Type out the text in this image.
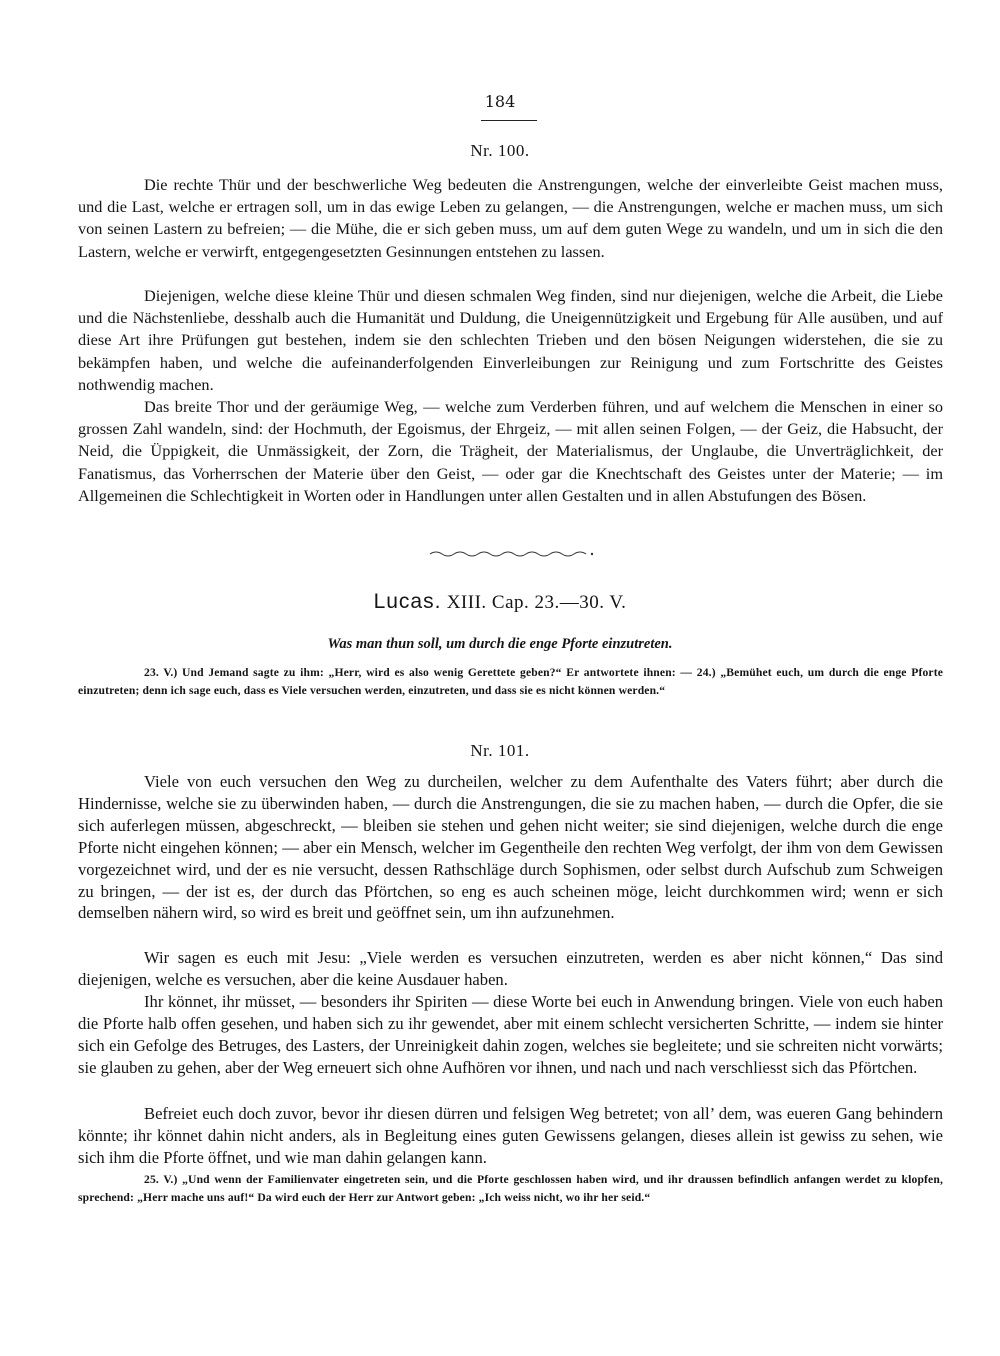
184
Nr. 100.

Die rechte Thür und der beschwerliche Weg bedeuten die Anstrengungen, welche der einverleibte Geist machen muss, und die Last, welche er ertragen soll, um in das ewige Leben zu gelangen, — die Anstrengungen, welche er machen muss, um sich von seinen Lastern zu befreien; — die Mühe, die er sich geben muss, um auf dem guten Wege zu wandeln, und um in sich die den Lastern, welche er verwirft, entgegengesetzten Gesinnungen entstehen zu lassen.

Diejenigen, welche diese kleine Thür und diesen schmalen Weg finden, sind nur diejenigen, welche die Arbeit, die Liebe und die Nächstenliebe, desshalb auch die Humanität und Duldung, die Uneigennützigkeit und Ergebung für Alle ausüben, und auf diese Art ihre Prüfungen gut bestehen, indem sie den schlechten Trieben und den bösen Neigungen widerstehen, die sie zu bekämpfen haben, und welche die aufeinanderfolgenden Einverleibungen zur Reinigung und zum Fortschritte des Geistes nothwendig machen.

Das breite Thor und der geräumige Weg, — welche zum Verderben führen, und auf welchem die Menschen in einer so grossen Zahl wandeln, sind: der Hochmuth, der Egoismus, der Ehrgeiz, — mit allen seinen Folgen, — der Geiz, die Habsucht, der Neid, die Üppigkeit, die Unmässigkeit, der Zorn, die Trägheit, der Materialismus, der Unglaube, die Unverträglichkeit, der Fanatismus, das Vorherrschen der Materie über den Geist, — oder gar die Knechtschaft des Geistes unter der Materie; — im Allgemeinen die Schlechtigkeit in Worten oder in Handlungen unter allen Gestalten und in allen Abstufungen des Bösen.

Lucas. XIII. Cap. 23.—30. V.
Was man thun soll, um durch die enge Pforte einzutreten.

23. V.) Und Jemand sagte zu ihm: „Herr, wird es also wenig Gerettete geben?“ Er antwortete ihnen: — 24.) „Bemühet euch, um durch die enge Pforte einzutreten; denn ich sage euch, dass es Viele versuchen werden, einzutreten, und dass sie es nicht können werden.“

Nr. 101.

Viele von euch versuchen den Weg zu durcheilen, welcher zu dem Aufenthalte des Vaters führt; aber durch die Hindernisse, welche sie zu überwinden haben, — durch die Anstrengungen, die sie zu machen haben, — durch die Opfer, die sie sich auferlegen müssen, abgeschreckt, — bleiben sie stehen und gehen nicht weiter; sie sind diejenigen, welche durch die enge Pforte nicht eingehen können; — aber ein Mensch, welcher im Gegentheile den rechten Weg verfolgt, der ihm von dem Gewissen vorgezeichnet wird, und der es nie versucht, dessen Rathschläge durch Sophismen, oder selbst durch Aufschub zum Schweigen zu bringen, — der ist es, der durch das Pförtchen, so eng es auch scheinen möge, leicht durchkommen wird; wenn er sich demselben nähern wird, so wird es breit und geöffnet sein, um ihn aufzunehmen.

Wir sagen es euch mit Jesu: „Viele werden es versuchen einzutreten, werden es aber nicht können,“ Das sind diejenigen, welche es versuchen, aber die keine Ausdauer haben.

Ihr könnet, ihr müsset, — besonders ihr Spiriten — diese Worte bei euch in Anwendung bringen. Viele von euch haben die Pforte halb offen gesehen, und haben sich zu ihr gewendet, aber mit einem schlecht versicherten Schritte, — indem sie hinter sich ein Gefolge des Betruges, des Lasters, der Unreinigkeit dahin zogen, welches sie begleitete; und sie schreiten nicht vorwärts; sie glauben zu gehen, aber der Weg erneuert sich ohne Aufhören vor ihnen, und nach und nach verschliesst sich das Pförtchen.

Befreiet euch doch zuvor, bevor ihr diesen dürren und felsigen Weg betretet; von all’ dem, was eueren Gang behindern könnte; ihr könnet dahin nicht anders, als in Begleitung eines guten Gewissens gelangen, dieses allein ist gewiss zu sehen, wie sich ihm die Pforte öffnet, und wie man dahin gelangen kann.

25. V.) „Und wenn der Familienvater eingetreten sein, und die Pforte geschlossen haben wird, und ihr draussen befindlich anfangen werdet zu klopfen, sprechend: „Herr mache uns auf!“ Da wird euch der Herr zur Antwort geben: „Ich weiss nicht, wo ihr her seid.“
